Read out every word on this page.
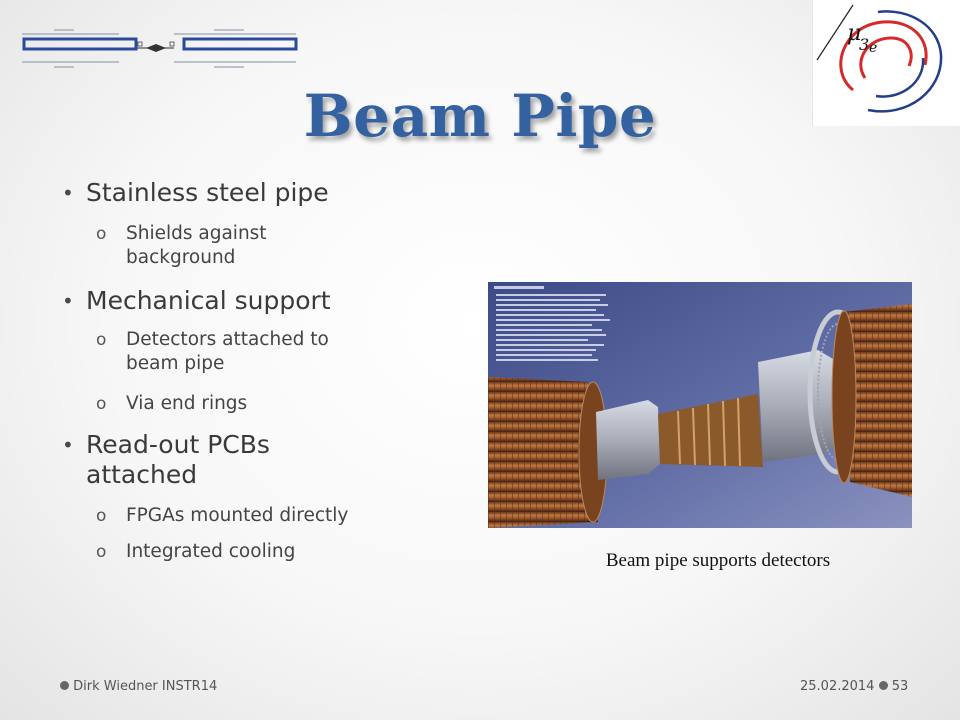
μ
3 e
Beam Pipe
• Stainless steel pipe
o Shields against
background
• Mechanical support
o Detectors attached to
beam pipe
o Via end rings
• Read-out PCBs
attached
o FPGAs mounted directly
o Integrated cooling	Beam pipe supports detectors
Dirk Wiedner INSTR14	25.02.2014 53
